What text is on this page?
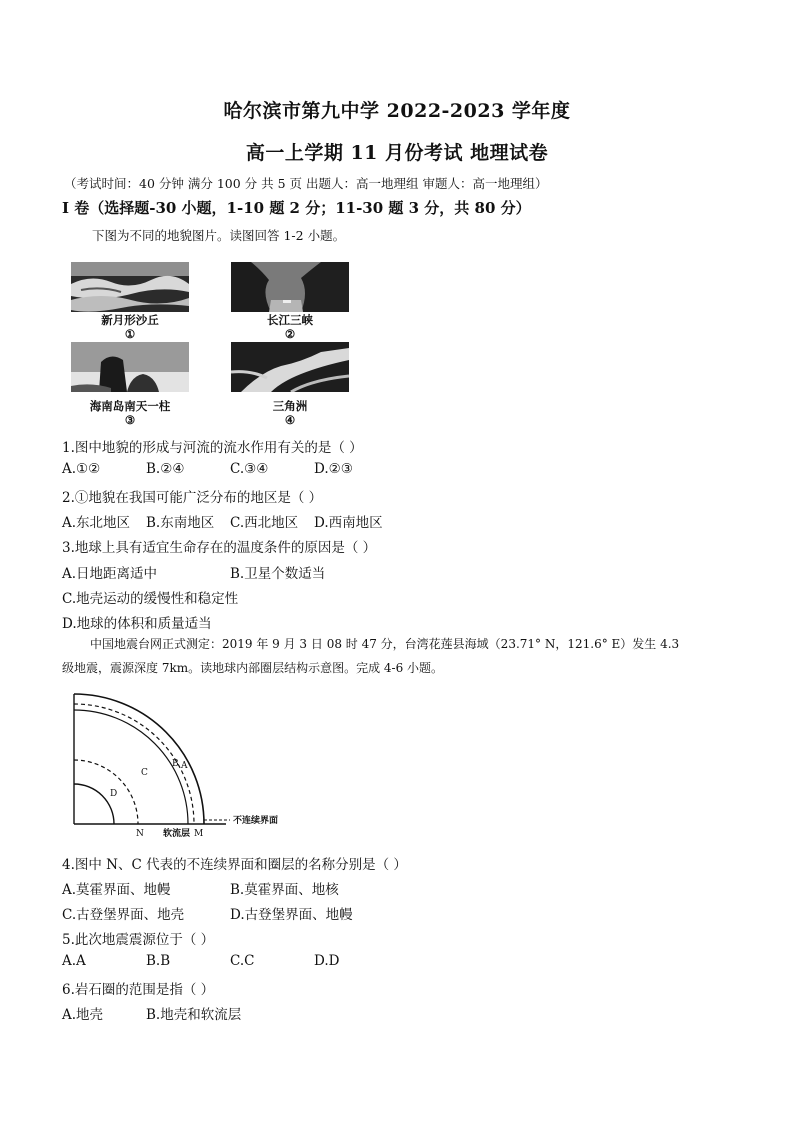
哈尔滨市第九中学 2022-2023 学年度
高一上学期 11 月份考试 地理试卷
（考试时间：40 分钟 满分 100 分 共 5 页 出题人：高一地理组 审题人：高一地理组）
I 卷（选择题-30 小题，1-10 题 2 分；11-30 题 3 分，共 80 分）
下图为不同的地貌图片。读图回答 1-2 小题。
新月形沙丘
①
长江三峡
②
海南岛南天一柱
③
三角洲
④
1.图中地貌的形成与河流的流水作用有关的是（ ）
A.①②	B.②④	C.③④	D.②③
2.①地貌在我国可能广泛分布的地区是（ ）
A.东北地区 B.东南地区 C.西北地区 D.西南地区
3.地球上具有适宜生命存在的温度条件的原因是（ ）
A.日地距离适中	B.卫星个数适当
C.地壳运动的缓慢性和稳定性
D.地球的体积和质量适当
中国地震台网正式测定：2019 年 9 月 3 日 08 时 47 分，台湾花莲县海域（23.71° N，121.6° E）发生 4.3
级地震，震源深度 7km。读地球内部圈层结构示意图。完成 4-6 小题。
A
B
C
D
N 软流层 M
不连续界面
4.图中 N、C 代表的不连续界面和圈层的名称分别是（ ）
A.莫霍界面、地幔	B.莫霍界面、地核
C.古登堡界面、地壳	D.古登堡界面、地幔
5.此次地震震源位于（ ）
A.A	B.B	C.C	D.D
6.岩石圈的范围是指（ ）
A.地壳	B.地壳和软流层
